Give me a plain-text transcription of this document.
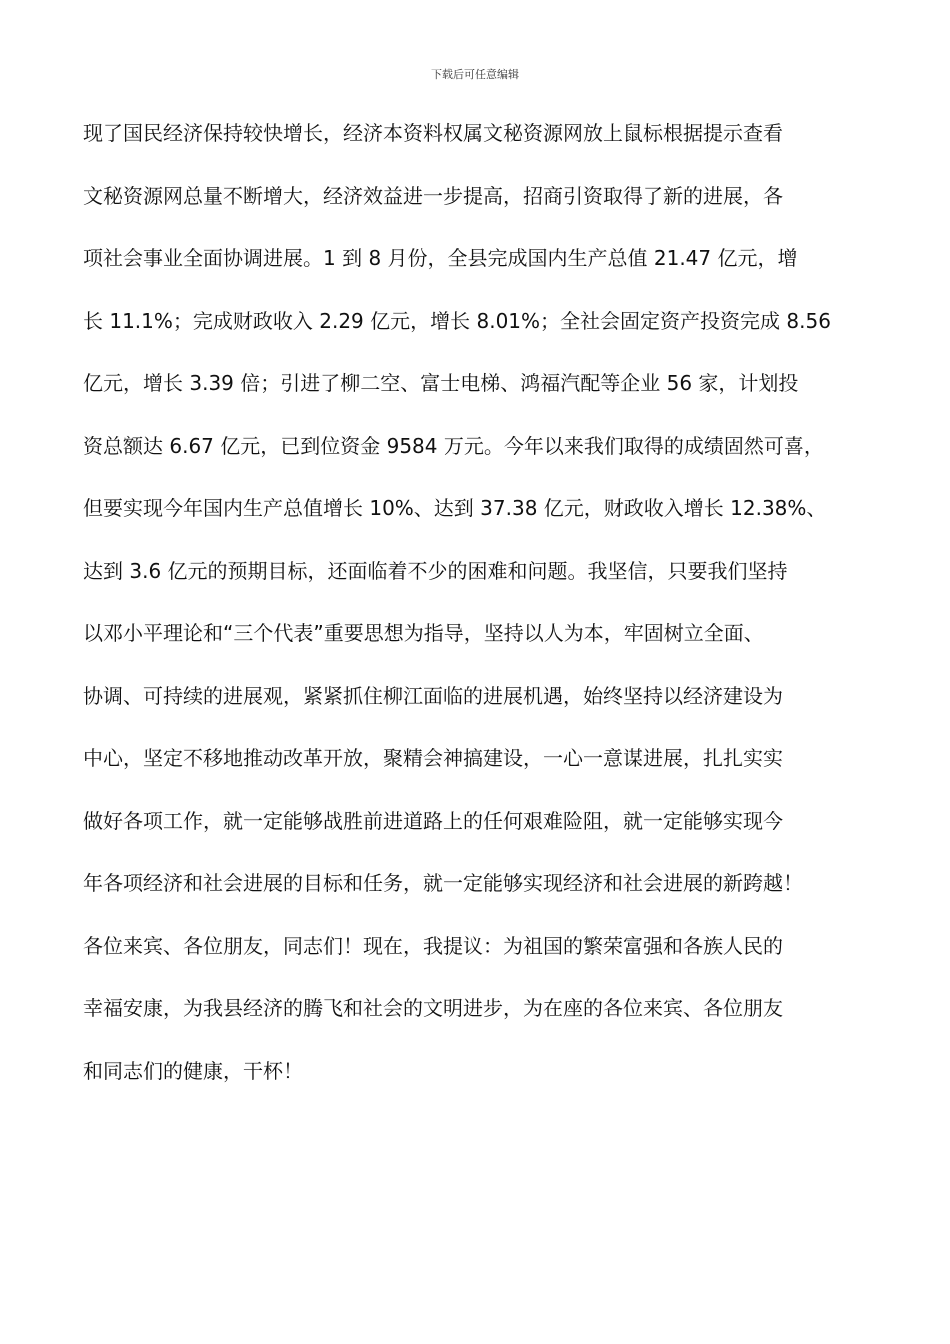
下载后可任意编辑
现了国民经济保持较快增长，经济本资料权属文秘资源网放上鼠标根据提示查看
文秘资源网总量不断增大，经济效益进一步提高，招商引资取得了新的进展，各
项社会事业全面协调进展。1 到 8 月份，全县完成国内生产总值 21.47 亿元，增
长 11.1%；完成财政收入 2.29 亿元，增长 8.01%；全社会固定资产投资完成 8.56
亿元，增长 3.39 倍；引进了柳二空、富士电梯、鸿福汽配等企业 56 家，计划投
资总额达 6.67 亿元，已到位资金 9584 万元。今年以来我们取得的成绩固然可喜，
但要实现今年国内生产总值增长 10%、达到 37.38 亿元，财政收入增长 12.38%、
达到 3.6 亿元的预期目标，还面临着不少的困难和问题。我坚信，只要我们坚持
以邓小平理论和“三个代表”重要思想为指导，坚持以人为本，牢固树立全面、
协调、可持续的进展观，紧紧抓住柳江面临的进展机遇，始终坚持以经济建设为
中心，坚定不移地推动改革开放，聚精会神搞建设，一心一意谋进展，扎扎实实
做好各项工作，就一定能够战胜前进道路上的任何艰难险阻，就一定能够实现今
年各项经济和社会进展的目标和任务，就一定能够实现经济和社会进展的新跨越！
各位来宾、各位朋友，同志们！现在，我提议：为祖国的繁荣富强和各族人民的
幸福安康，为我县经济的腾飞和社会的文明进步，为在座的各位来宾、各位朋友
和同志们的健康，干杯！
